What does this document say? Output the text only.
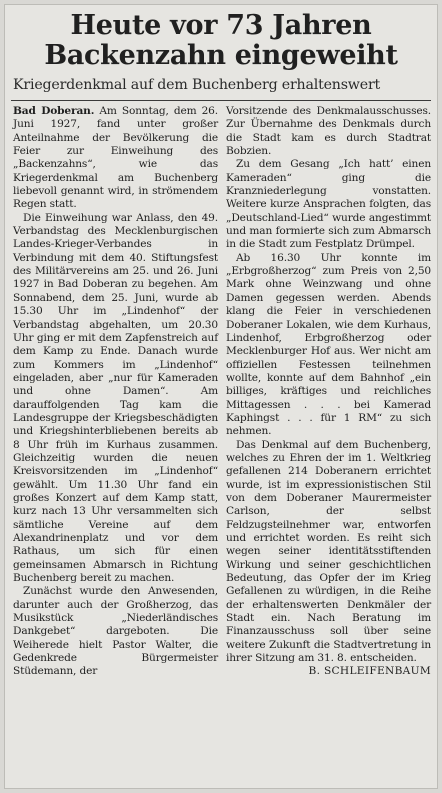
Heute vor 73 Jahren
Backenzahn eingeweiht
Kriegerdenkmal auf dem Buchenberg erhaltenswert

Bad Doberan. Am Sonntag, dem 26. Juni 1927, fand unter großer Anteilnahme der Bevölkerung die Feier zur Einweihung des „Backenzahns“, wie das Kriegerdenkmal am Buchenberg liebevoll genannt wird, in strömendem Regen statt.

Die Einweihung war Anlass, den 49. Verbandstag des Mecklenburgischen Landes-Krieger-Verbandes in Verbindung mit dem 40. Stiftungsfest des Militärvereins am 25. und 26. Juni 1927 in Bad Doberan zu begehen. Am Sonnabend, dem 25. Juni, wurde ab 15.30 Uhr im „Lindenhof“ der Verbandstag abgehalten, um 20.30 Uhr ging er mit dem Zapfenstreich auf dem Kamp zu Ende. Danach wurde zum Kommers im „Lindenhof“ eingeladen, aber „nur für Kameraden und ohne Damen“. Am darauffolgenden Tag kam die Landesgruppe der Kriegsbeschädigten und Kriegshinterbliebenen bereits ab 8 Uhr früh im Kurhaus zusammen. Gleichzeitig wurden die neuen Kreisvorsitzenden im „Lindenhof“ gewählt. Um 11.30 Uhr fand ein großes Konzert auf dem Kamp statt, kurz nach 13 Uhr versammelten sich sämtliche Vereine auf dem Alexandrinenplatz und vor dem Rathaus, um sich für einen gemeinsamen Abmarsch in Richtung Buchenberg bereit zu machen.

Zunächst wurde den Anwesenden, darunter auch der Großherzog, das Musikstück „Niederländisches Dankgebet“ dargeboten. Die Weiherede hielt Pastor Walter, die Gedenkrede Bürgermeister Stüdemann, der

Vorsitzende des Denkmalausschusses. Zur Übernahme des Denkmals durch die Stadt kam es durch Stadtrat Bobzien.

Zu dem Gesang „Ich hatt’ einen Kameraden“ ging die Kranzniederlegung vonstatten. Weitere kurze Ansprachen folgten, das „Deutschland-Lied“ wurde angestimmt und man formierte sich zum Abmarsch in die Stadt zum Festplatz Drümpel.

Ab 16.30 Uhr konnte im „Erbgroßherzog“ zum Preis von 2,50 Mark ohne Weinzwang und ohne Damen gegessen werden. Abends klang die Feier in verschiedenen Doberaner Lokalen, wie dem Kurhaus, Lindenhof, Erbgroßherzog oder Mecklenburger Hof aus. Wer nicht am offiziellen Festessen teilnehmen wollte, konnte auf dem Bahnhof „ein billiges, kräftiges und reichliches Mittagessen . . . bei Kamerad Kaphingst . . . für 1 RM“ zu sich nehmen.

Das Denkmal auf dem Buchenberg, welches zu Ehren der im 1. Weltkrieg gefallenen 214 Doberanern errichtet wurde, ist im expressionistischen Stil von dem Doberaner Maurermeister Carlson, der selbst Feldzugsteilnehmer war, entworfen und errichtet worden. Es reiht sich wegen seiner identitätsstiftenden Wirkung und seiner geschichtlichen Bedeutung, das Opfer der im Krieg Gefallenen zu würdigen, in die Reihe der erhaltenswerten Denkmäler der Stadt ein. Nach Beratung im Finanzausschuss soll über seine weitere Zukunft die Stadtvertretung in ihrer Sitzung am 31. 8. entscheiden.

B. SCHLEIFENBAUM
